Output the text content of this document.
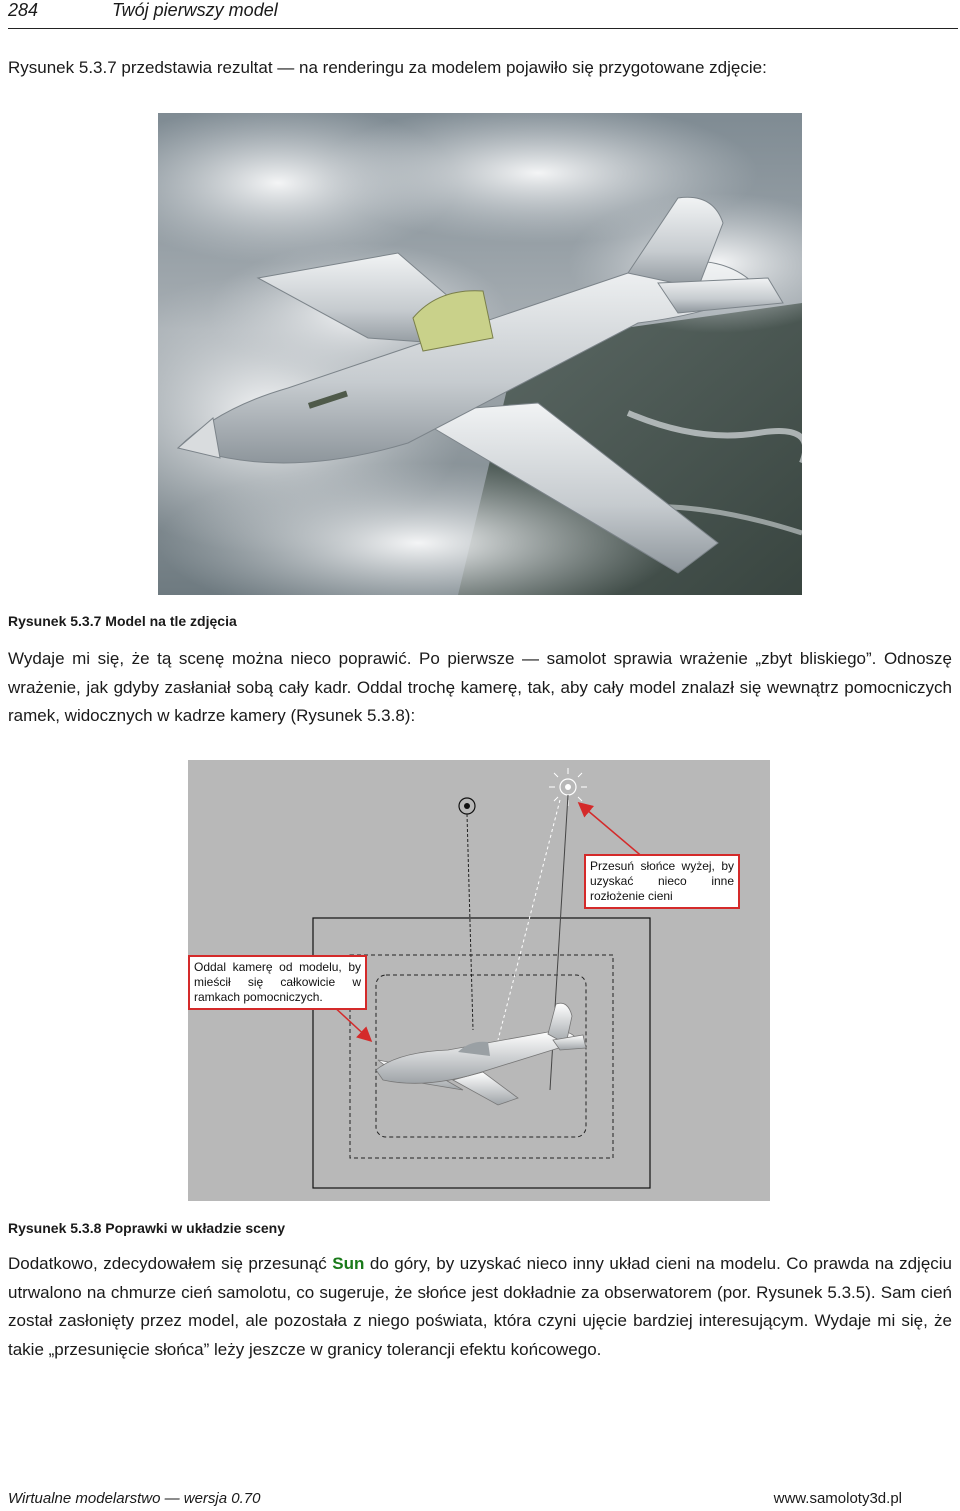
284	Twój pierwszy model
Rysunek 5.3.7 przedstawia rezultat — na renderingu za modelem pojawiło się przygotowane zdjęcie:
Rysunek 5.3.7 Model na tle zdjęcia
Wydaje mi się, że tą scenę można nieco poprawić. Po pierwsze — samolot sprawia wrażenie „zbyt bliskiego”. Odnoszę wrażenie, jak gdyby zasłaniał sobą cały kadr. Oddal trochę kamerę, tak, aby cały model znalazł się wewnątrz pomocniczych ramek, widocznych w kadrze kamery (Rysunek 5.3.8):
Przesuń słońce wyżej, by uzyskać nieco inne rozłożenie cieni
Oddal kamerę od modelu, by mieścił się całkowicie w ramkach pomocniczych.
Rysunek 5.3.8 Poprawki w układzie sceny
Dodatkowo, zdecydowałem się przesunąć Sun do góry, by uzyskać nieco inny układ cieni na modelu. Co prawda na zdjęciu utrwalono na chmurze cień samolotu, co sugeruje, że słońce jest dokładnie za obserwatorem (por. Rysunek 5.3.5). Sam cień został zasłonięty przez model, ale pozostała z niego poświata, która czyni ujęcie bardziej interesującym. Wydaje mi się, że takie „przesunięcie słońca” leży jeszcze w granicy tolerancji efektu końcowego.
Wirtualne modelarstwo — wersja 0.70	www.samoloty3d.pl
